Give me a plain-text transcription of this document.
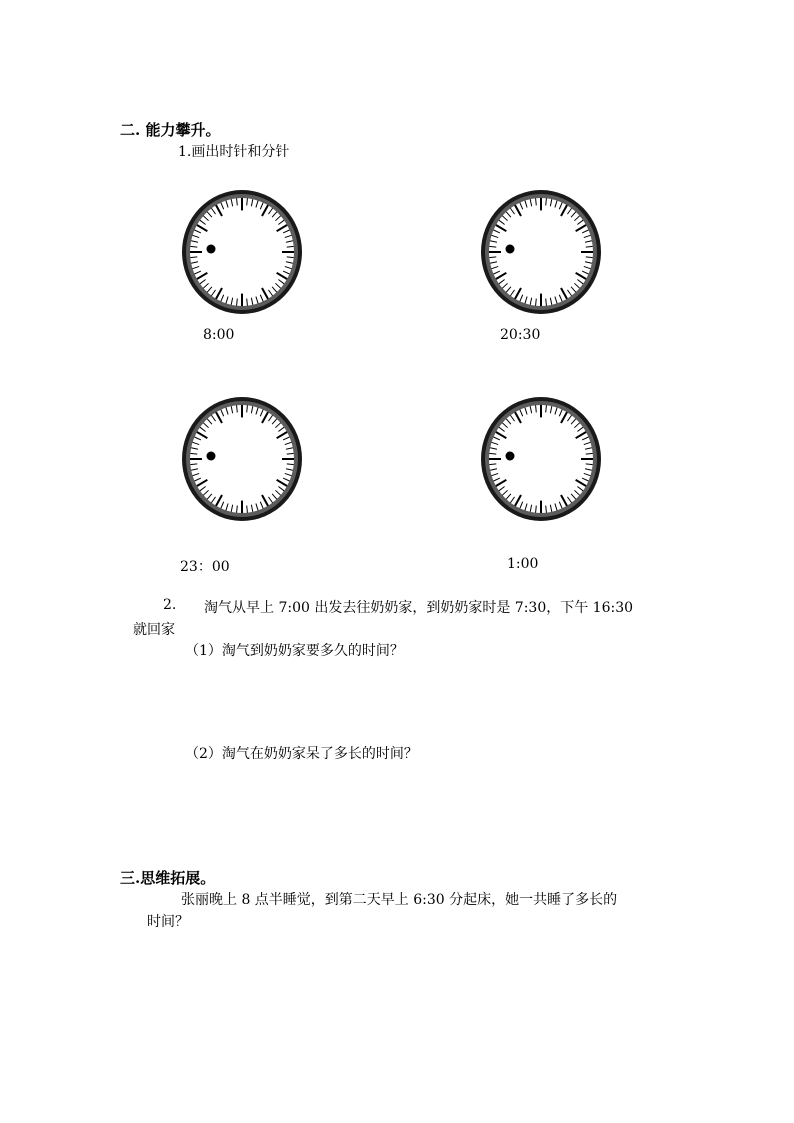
二. 能力攀升。
1.画出时针和分针
8:00	20:30
23：00	1:00
2. 淘气从早上 7:00 出发去往奶奶家，到奶奶家时是 7:30，下午 16:30
就回家
（1）淘气到奶奶家要多久的时间？
（2）淘气在奶奶家呆了多长的时间？
三.思维拓展。
张丽晚上 8 点半睡觉，到第二天早上 6:30 分起床，她一共睡了多长的
时间？
